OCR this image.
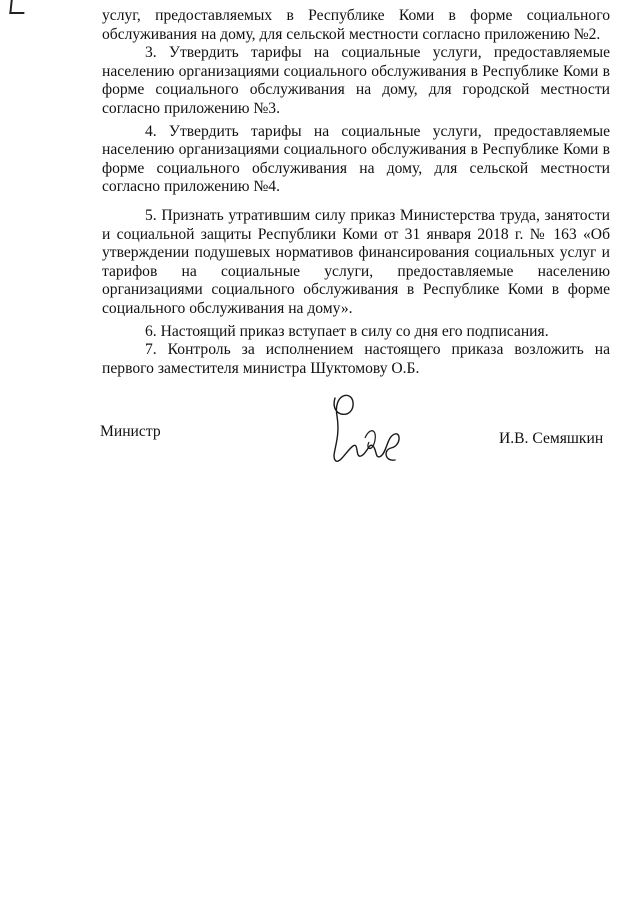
услуг, предоставляемых в Республике Коми в форме социального обслуживания на дому, для сельской местности согласно приложению №2.

3. Утвердить тарифы на социальные услуги, предоставляемые населению организациями социального обслуживания в Республике Коми в форме социального обслуживания на дому, для городской местности согласно приложению №3.

4. Утвердить тарифы на социальные услуги, предоставляемые населению организациями социального обслуживания в Республике Коми в форме социального обслуживания на дому, для сельской местности согласно приложению №4.

5. Признать утратившим силу приказ Министерства труда, занятости и социальной защиты Республики Коми от 31 января 2018 г. № 163 «Об утверждении подушевых нормативов финансирования социальных услуг и тарифов на социальные услуги, предоставляемые населению организациями социального обслуживания в Республике Коми в форме социального обслуживания на дому».

6. Настоящий приказ вступает в силу со дня его подписания.

7. Контроль за исполнением настоящего приказа возложить на первого заместителя министра Шуктомову О.Б.

Министр	И.В. Семяшкин
